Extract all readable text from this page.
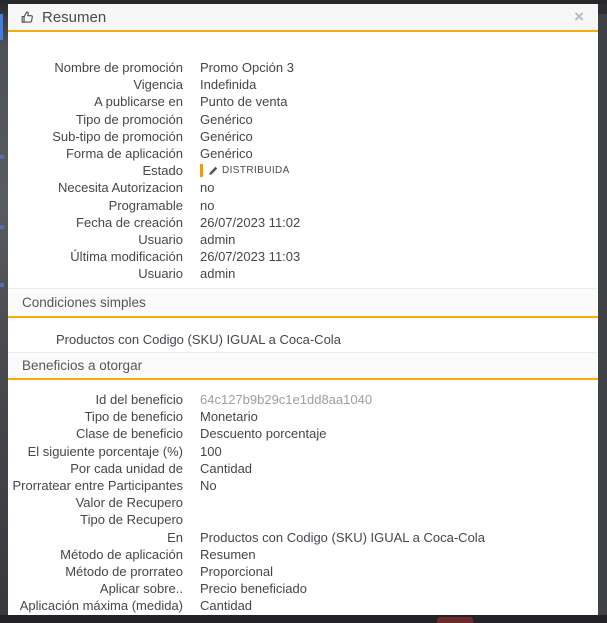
Resumen	×
Nombre de promoción Promo Opción 3
Vigencia Indefinida
A publicarse en Punto de venta
Tipo de promoción Genérico
Sub-tipo de promoción Genérico
Forma de aplicación Genérico
Estado	DISTRIBUIDA
Necesita Autorizacion no
Programable no
Fecha de creación 26/07/2023 11:02
Usuario admin
Última modificación 26/07/2023 11:03
Usuario admin
Condiciones simples
Productos con Codigo (SKU) IGUAL a Coca-Cola
Beneficios a otorgar
Id del beneficio 64c127b9b29c1e1dd8aa1040
Tipo de beneficio Monetario
Clase de beneficio Descuento porcentaje
El siguiente porcentaje (%) 100
Por cada unidad de Cantidad
Prorratear entre Participantes No
Valor de Recupero
Tipo de Recupero
En Productos con Codigo (SKU) IGUAL a Coca-Cola
Método de aplicación Resumen
Método de prorrateo Proporcional
Aplicar sobre.. Precio beneficiado
Aplicación máxima (medida) Cantidad
